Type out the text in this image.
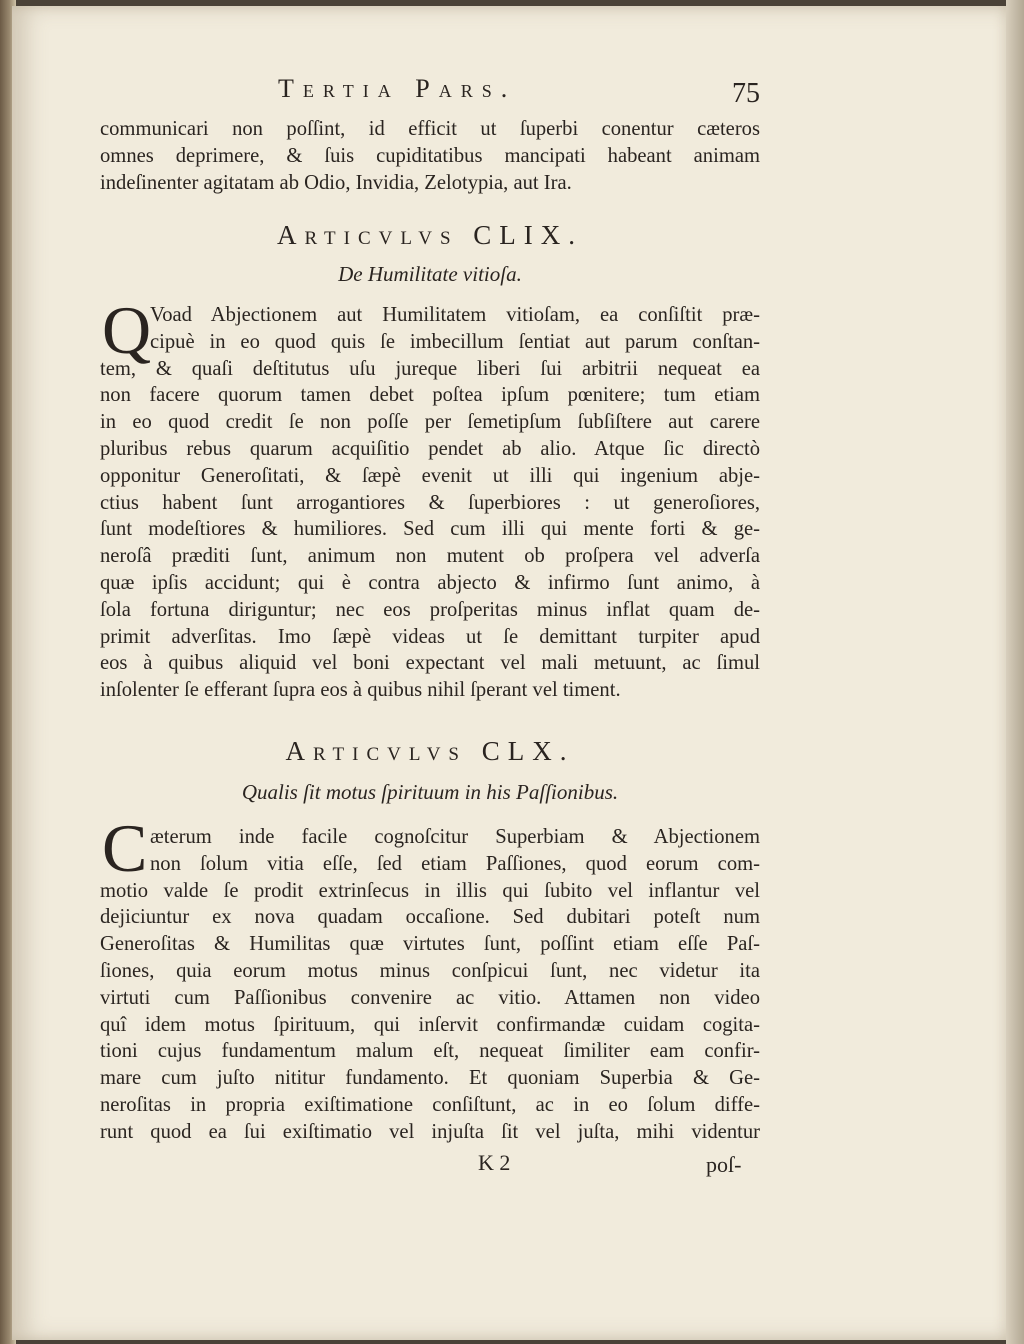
Tertia Pars.	75
communicari non poſſint, id efficit ut ſuperbi conentur cæteros
omnes deprimere, & ſuis cupiditatibus mancipati habeant animam
indeſinenter agitatam ab Odio, Invidia, Zelotypia, aut Ira.
Articvlvs CLIX.
De Humilitate vitioſa.
Q
Voad Abjectionem aut Humilitatem vitioſam, ea conſiſtit præ-
cipuè in eo quod quis ſe imbecillum ſentiat aut parum conſtan-
tem, & quaſi deſtitutus uſu jureque liberi ſui arbitrii nequeat ea
non facere quorum tamen debet poſtea ipſum pœnitere; tum etiam
in eo quod credit ſe non poſſe per ſemetipſum ſubſiſtere aut carere
pluribus rebus quarum acquiſitio pendet ab alio. Atque ſic directò
opponitur Generoſitati, & ſæpè evenit ut illi qui ingenium abje-
ctius habent ſunt arrogantiores & ſuperbiores : ut generoſiores,
ſunt modeſtiores & humiliores. Sed cum illi qui mente forti & ge-
neroſâ præditi ſunt, animum non mutent ob proſpera vel adverſa
quæ ipſis accidunt; qui è contra abjecto & infirmo ſunt animo, à
ſola fortuna diriguntur; nec eos proſperitas minus inflat quam de-
primit adverſitas. Imo ſæpè videas ut ſe demittant turpiter apud
eos à quibus aliquid vel boni expectant vel mali metuunt, ac ſimul
inſolenter ſe efferant ſupra eos à quibus nihil ſperant vel timent.
Articvlvs CLX.
Qualis ſit motus ſpirituum in his Paſſionibus.
C æterum inde facile cognoſcitur Superbiam & Abjectionem
non ſolum vitia eſſe, ſed etiam Paſſiones, quod eorum com-
motio valde ſe prodit extrinſecus in illis qui ſubito vel inflantur vel
dejiciuntur ex nova quadam occaſione. Sed dubitari poteſt num
Generoſitas & Humilitas quæ virtutes ſunt, poſſint etiam eſſe Paſ-
ſiones, quia eorum motus minus conſpicui ſunt, nec videtur ita
virtuti cum Paſſionibus convenire ac vitio. Attamen non video
quî idem motus ſpirituum, qui inſervit confirmandæ cuidam cogita-
tioni cujus fundamentum malum eſt, nequeat ſimiliter eam confir-
mare cum juſto nititur fundamento. Et quoniam Superbia & Ge-
neroſitas in propria exiſtimatione conſiſtunt, ac in eo ſolum diffe-
runt quod ea ſui exiſtimatio vel injuſta ſit vel juſta, mihi videntur
K 2	poſ-
